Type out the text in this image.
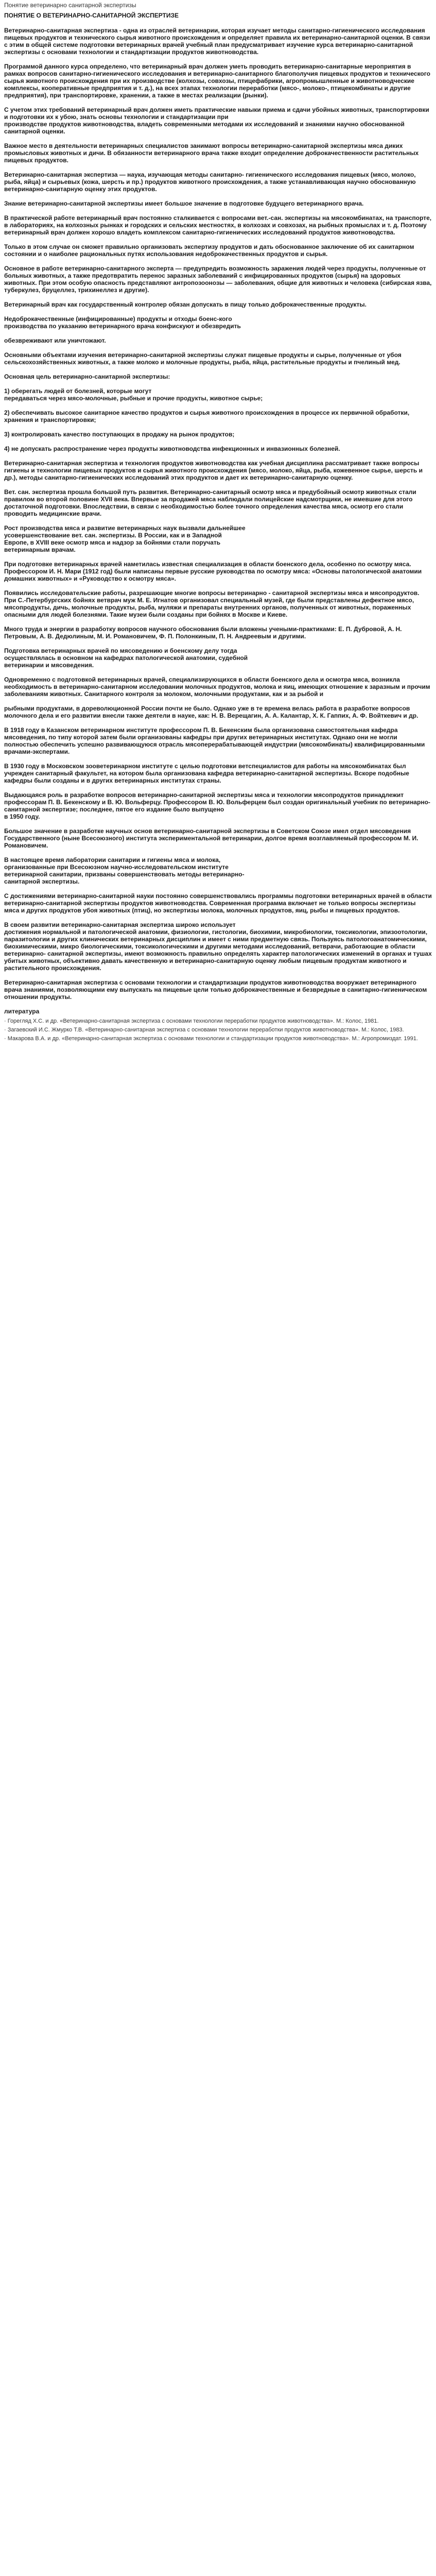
Понятие ветеринарно санитарной экспертизы
ПОНЯТИЕ О ВЕТЕРИНАРНО-САНИТАРНОЙ ЭКСПЕРТИЗЕ

Ветеринарно-санитарная экспертиза - одна из отраслей ветеринарии, которая изучает методы санитарно-гигиенического исследования пищевых продуктов и технического сырья животного происхождения и определяет правила их ветеринарно-санитарной оценки. В связи с этим в общей системе подготовки ветеринарных врачей учебный план предусматривает изучение курса ветеринарно-санитарной экспертизы с основами технологии и стандартизации продуктов животноводства.

Программой данного курса определено, что ветеринарный врач должен уметь проводить ветеринарно-санитарные мероприятия в рамках вопросов санитарно-гигиенического исследования и ветеринарно-санитарного благополучия пищевых продуктов и технического сырья животного происхождения при их производстве (колхозы, совхозы, птицефабрики, агропромышленные и животноводческие комплексы, кооперативные предприятия и т. д.), на всех этапах технологии переработки (мясо-, молоко-, птицекомбинаты и другие предприятия), при транспортировке, хранении, а также в местах реализации (рынки).

С учетом этих требований ветеринарный врач должен иметь практические навыки приема и сдачи убойных животных, транспортировки и подготовки их к убою, знать основы технологии и стандартизации при
производстве продуктов животноводства, владеть современными методами их исследований и знаниями научно обоснованной санитарной оценки.

Важное место в деятельности ветеринарных специалистов занимают вопросы ветеринарно-санитарной экспертизы мяса диких промысловых животных и дичи. В обязанности ветеринарного врача также входит определение доброкачественности растительных пищевых продуктов.

Ветеринарно-санитарная экспертиза — наука, изучающая методы санитарно- гигиенического исследования пищевых (мясо, молоко, рыба, яйца) и сырьевых (кожа, шерсть и пр.) продуктов животного происхождения, а также устанавливающая научно обоснованную ветеринарно-санитарную оценку этих продуктов.

Знание ветеринарно-санитарной экспертизы имеет большое значение в подготовке будущего ветеринарного врача.

В практической работе ветеринарный врач постоянно сталкивается с вопросами вет.-сан. экспертизы на мясокомбинатах, на транспорте, в лабораториях, на колхозных рынках и городских и сельских местностях, в колхозах и совхозах, на рыбных промыслах и т. д. Поэтому ветеринарный врач должен хорошо владеть комплексом санитарно-гигиенических исследований продуктов животноводства.

Только в этом случае он сможет правильно организовать экспертизу продуктов и дать обоснованное заключение об их санитарном состоянии и о наиболее рациональных путях использования недоброкачественных продуктов и сырья.

Основное в работе ветеринарно-санитарного эксперта — предупредить возможность заражения людей через продукты, полученные от больных животных, а также предотвратить перенос заразных заболеваний с инфицированных продуктов (сырья) на здоровых животных. При этом особую опасность представляют антропозоонозы — заболевания, общие для животных и человека (сибирская язва, туберкулез, бруцеллез, трихинеллез и другие).

Ветеринарный врач как государственный контролер обязан допускать в пищу только доброкачественные продукты.

Недоброкачественные (инфицированные) продукты и отходы боенс-кого
производства по указанию ветеринарного врача конфискуют и обезвредить

обезвреживают или уничтожают.

Основными объектами изучения ветеринарно-санитарной экспертизы служат пищевые продукты и сырье, полученные от убоя сельскохозяйственных животных, а также молоко и молочные продукты, рыба, яйца, растительные продукты и пчелиный мед.

Основная цель ветеринарно-санитарной экспертизы:

1) оберегать людей от болезней, которые могут
передаваться через мясо-молочные, рыбные и прочие продукты, животное сырье;

2) обеспечивать высокое санитарное качество продуктов и сырья животного происхождения в процессе их первичной обработки, хранения и транспортировки;

3) контролировать качество поступающих в продажу на рынок продуктов;

4) не допускать распространение через продукты животноводства инфекционных и инвазионных болезней.

Ветеринарно-санитарная экспертиза и технология продуктов животноводства как учебная дисциплина рассматривает также вопросы гигиены и технологии пищевых продуктов и сырья животного происхождения (мясо, молоко, яйца, рыба, кожевенное сырье, шерсть и др.), методы санитарно-гигиенических исследований этих продуктов и дает их ветеринарно-санитарную оценку.

Вет. сан. экспертиза прошла большой путь развития. Ветеринарно-санитарный осмотр мяса и предубойный осмотр животных стали правилом во второй половине XVII века. Впервые за продажей мяса наблюдали полицейские надсмотрщики, не имевшие для этого достаточной подготовки. Впоследствии, в связи с необходимостью более точного определения качества мяса, осмотр его стали проводить медицинские врачи.

Рост производства мяса и развитие ветеринарных наук вызвали дальнейшее
усовершенствование вет. сан. экспертизы. В России, как и в Западной
Европе, в XVIII веке осмотр мяса и надзор за бойнями стали поручать
ветеринарным врачам.

При подготовке ветеринарных врачей наметилась известная специализация в области боенского дела, особенно по осмотру мяса. Профессором И. Н. Мари (1912 год) были написаны первые русские руководства по осмотру мяса: «Основы патологической анатомии домашних животных» и «Руководство к осмотру мяса».

Появились исследовательские работы, разрешающие многие вопросы ветеринарно - санитарной экспертизы мяса и мясопродуктов. При С.-Петербургских бойнях ветврач муж М. Е. Игнатов организовал специальный музей, где были представлены дефектное мясо, мясопродукты, дичь, молочные продукты, рыба, муляжи и препараты внутренних органов, полученных от животных, пораженных опасными для людей болезнями. Такие музеи были созданы при бойнях в Москве и Киеве.

Много труда и энергии в разработку вопросов научного обоснования были вложены учеными-практиками: Е. П. Дубровой, А. Н. Петровым, А. В. Дедюлиным, М. И. Романовичем, Ф. П. Полонкиным, П. Н. Андреевым и другими.

Подготовка ветеринарных врачей по мясоведению и боенскому делу тогда
осуществлялась в основном на кафедрах патологической анатомии, судебной
ветеринарии и мясоведения.

Одновременно с подготовкой ветеринарных врачей, специализирующихся в области боенского дела и осмотра мяса, возникла необходимость в ветеринарно-санитарном исследовании молочных продуктов, молока и яиц, имеющих отношение к заразным и прочим заболеваниям животных. Санитарного контроля за молоком, молочными продуктами, как и за рыбой и

рыбными продуктами, в дореволюционной России почти не было. Однако уже в те времена велась работа в разработке вопросов молочного дела и его развитии внесли также деятели в науке, как: Н. В. Верещагин, А. А. Калантар, Х. К. Гаппих, А. Ф. Войткевич и др.

В 1918 году в Казанском ветеринарном институте профессором П. В. Бекенским была организована самостоятельная кафедра мясоведения, по типу которой затем были организованы кафедры при других ветеринарных институтах. Однако они не могли полностью обеспечить успешно развивающуюся отрасль мясоперерабатывающей индустрии (мясокомбинаты) квалифицированными врачами-экспертами.

В 1930 году в Московском зоoветеринарном институте с целью подготовки ветспециалистов для работы на мясокомбинатах был учрежден санитарный факультет, на котором была организована кафедра ветеринарно-санитарной экспертизы. Вскоре подобные кафедры были созданы и в других ветеринарных институтах страны.

Выдающаяся роль в разработке вопросов ветеринарно-санитарной экспертизы мяса и технологии мясопродуктов принадлежит профессорам П. В. Бекенскому и В. Ю. Вольферцу. Профессором В. Ю. Вольферцем был создан оригинальный учебник по ветеринарно-санитарной экспертизе; последнее, пятое его издание было выпущено
в 1950 году.

Большое значение в разработке научных основ ветеринарно-санитарной экспертизы в Советском Союзе имел отдел мясоведения Государственного (ныне Всесоюзного) института экспериментальной ветеринарии, долгое время возглавляемый профессором М. И. Романовичем.

В настоящее время лаборатории санитарии и гигиены мяса и молока,
организованные при Всесоюзном научно-исследовательском институте
ветеринарной санитарии, призваны совершенствовать методы ветеринарно-
санитарной экспертизы.

С достижениями ветеринарно-санитарной науки постоянно совершенствовались программы подготовки ветеринарных врачей в области ветеринарно-санитарной экспертизы продуктов животноводства. Современная программа включает не только вопросы экспертизы мяса и других продуктов убоя животных (птиц), но экспертизы молока, молочных продуктов, яиц, рыбы и пищевых продуктов.

В своем развитии ветеринарно-санитарная экспертиза широко использует
достижения нормальной и патологической анатомии, физиологии, гистологии, биохимии, микробиологии, токсикологии, эпизоотологии, паразитологии и других клинических ветеринарных дисциплин и имеет с ними предметную связь. Пользуясь патологоанатомическими, биохимическими, микро биологическими, токсикологическими и другими методами исследований, ветврачи, работающие в области ветеринарно- санитарной экспертизы, имеют возможность правильно определять характер патологических изменений в органах и тушах убитых животных, объективно давать качественную и ветеринарно-санитарную оценку любым пищевым продуктам животного и растительного происхождения.

Ветеринарно-санитарная экспертиза с основами технологии и стандартизации продуктов животноводства вооружает ветеринарного врача знаниями, позволяющими ему выпускать на пищевые цели только доброкачественные и безвредные в санитарно-гигиеническом отношении продукты.

литература

· Горегляд Х.С. и др. «Ветеринарно-санитарная экспертиза с основами технологии переработки продуктов животноводства». М.: Колос, 1981.

· Загаевский И.С. Жмурко Т.В. «Ветеринарно-санитарная экспертиза с основами технологии переработки продуктов животноводства». М.: Колос, 1983.

· Макарова В.А. и др. «Ветеринарно-санитарная экспертиза с основами технологии и стандартизации продуктов животноводства». М.: Агропромиздат. 1991.
